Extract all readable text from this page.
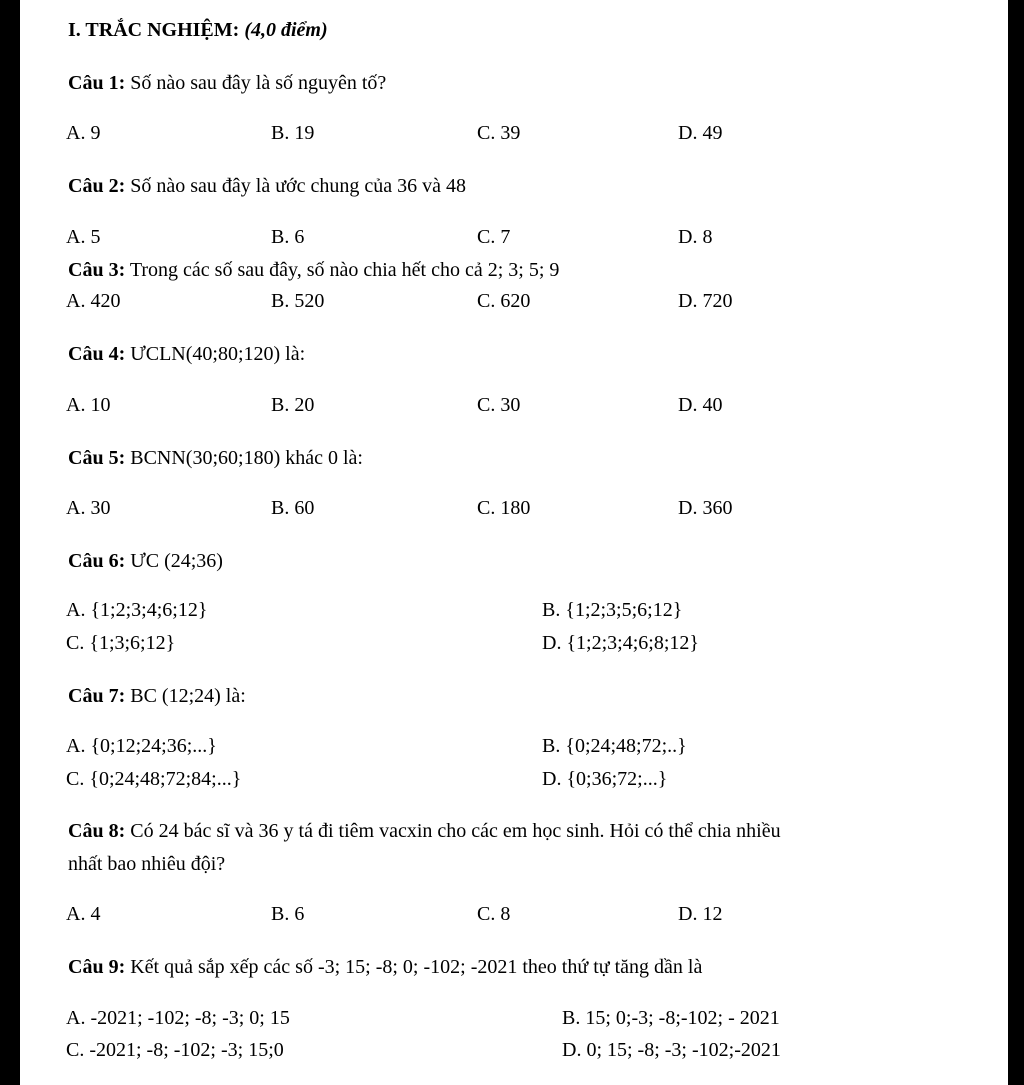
I. TRẮC NGHIỆM: (4,0 điểm)
Câu 1: Số nào sau đây là số nguyên tố?
A. 9	B. 19	C. 39	D. 49
Câu 2: Số nào sau đây là ước chung của 36 và 48
A. 5	B. 6	C. 7	D. 8
Câu 3: Trong các số sau đây, số nào chia hết cho cả 2; 3; 5; 9
A. 420	B. 520	C. 620	D. 720
Câu 4: ƯCLN(40;80;120) là:
A. 10	B. 20	C. 30	D. 40
Câu 5: BCNN(30;60;180) khác 0 là:
A. 30	B. 60	C. 180	D. 360
Câu 6: ƯC (24;36)
A. {1;2;3;4;6;12}	B. {1;2;3;5;6;12}
C. {1;3;6;12}	D. {1;2;3;4;6;8;12}
Câu 7: BC (12;24) là:
A. {0;12;24;36;...}	B. {0;24;48;72;..}
C. {0;24;48;72;84;...}	D. {0;36;72;...}
Câu 8: Có 24 bác sĩ và 36 y tá đi tiêm vacxin cho các em học sinh. Hỏi có thể chia nhiều
nhất bao nhiêu đội?
A. 4	B. 6	C. 8	D. 12
Câu 9: Kết quả sắp xếp các số -3; 15; -8; 0; -102; -2021 theo thứ tự tăng dần là
A. -2021; -102; -8; -3; 0; 15	B. 15; 0;-3; -8;-102; - 2021
C. -2021; -8; -102; -3; 15;0	D. 0; 15; -8; -3; -102;-2021
